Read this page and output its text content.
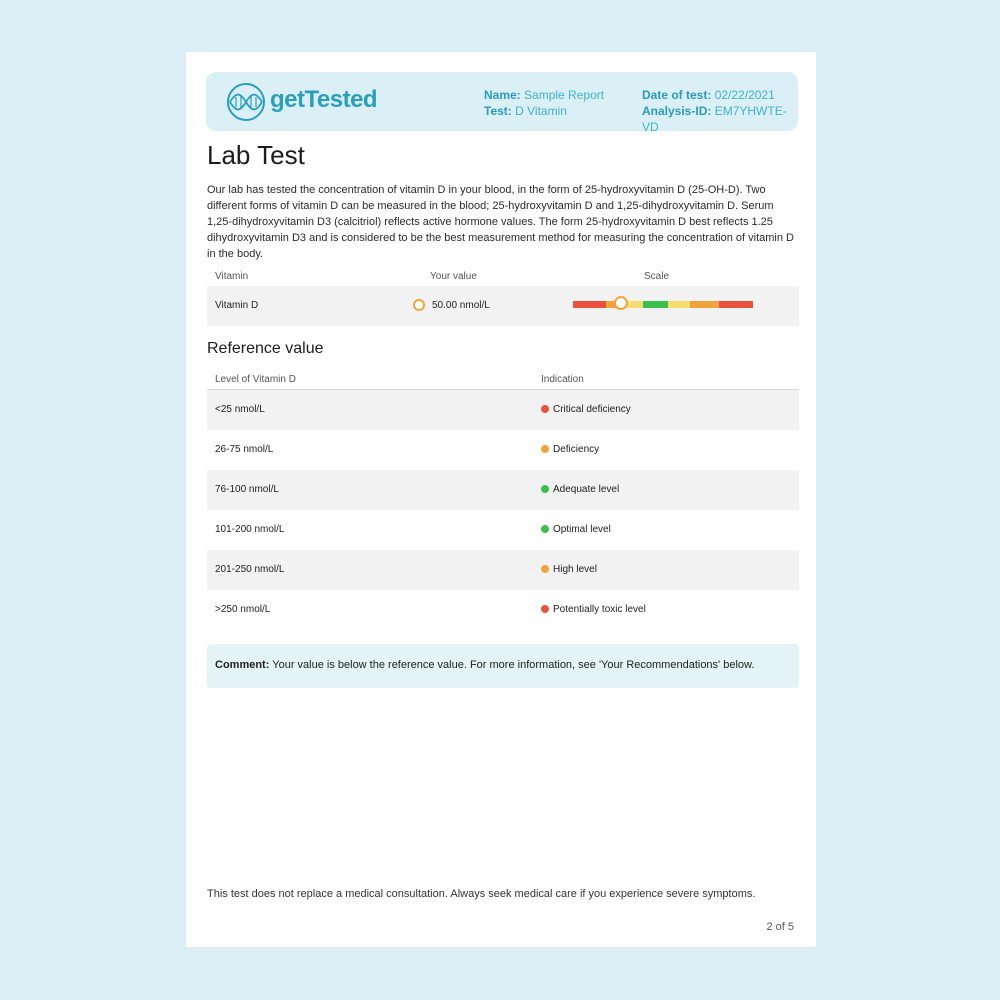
getTested	Name: Sample Report
Test: D Vitamin
Date of test: 02/22/2021
Analysis-ID: EM7YHWTE-VD
Lab Test

Our lab has tested the concentration of vitamin D in your blood, in the form of 25-hydroxyvitamin D (25-OH-D). Two different forms of vitamin D can be measured in the blood; 25-hydroxyvitamin D and 1,25-dihydroxyvitamin D. Serum 1,25-dihydroxyvitamin D3 (calcitriol) reflects active hormone values. The form 25-hydroxyvitamin D best reflects 1.25 dihydroxyvitamin D3 and is considered to be the best measurement method for measuring the concentration of vitamin D in the body.

Vitamin	Your value	Scale
Vitamin D	50.00 nmol/L
Reference value
Level of Vitamin D	Indication
<25 nmol/L	Critical deficiency
26-75 nmol/L	Deficiency
76-100 nmol/L	Adequate level
101-200 nmol/L	Optimal level
201-250 nmol/L	High level
>250 nmol/L	Potentially toxic level
Comment: Your value is below the reference value. For more information, see 'Your Recommendations' below.
This test does not replace a medical consultation. Always seek medical care if you experience severe symptoms.
2 of 5
